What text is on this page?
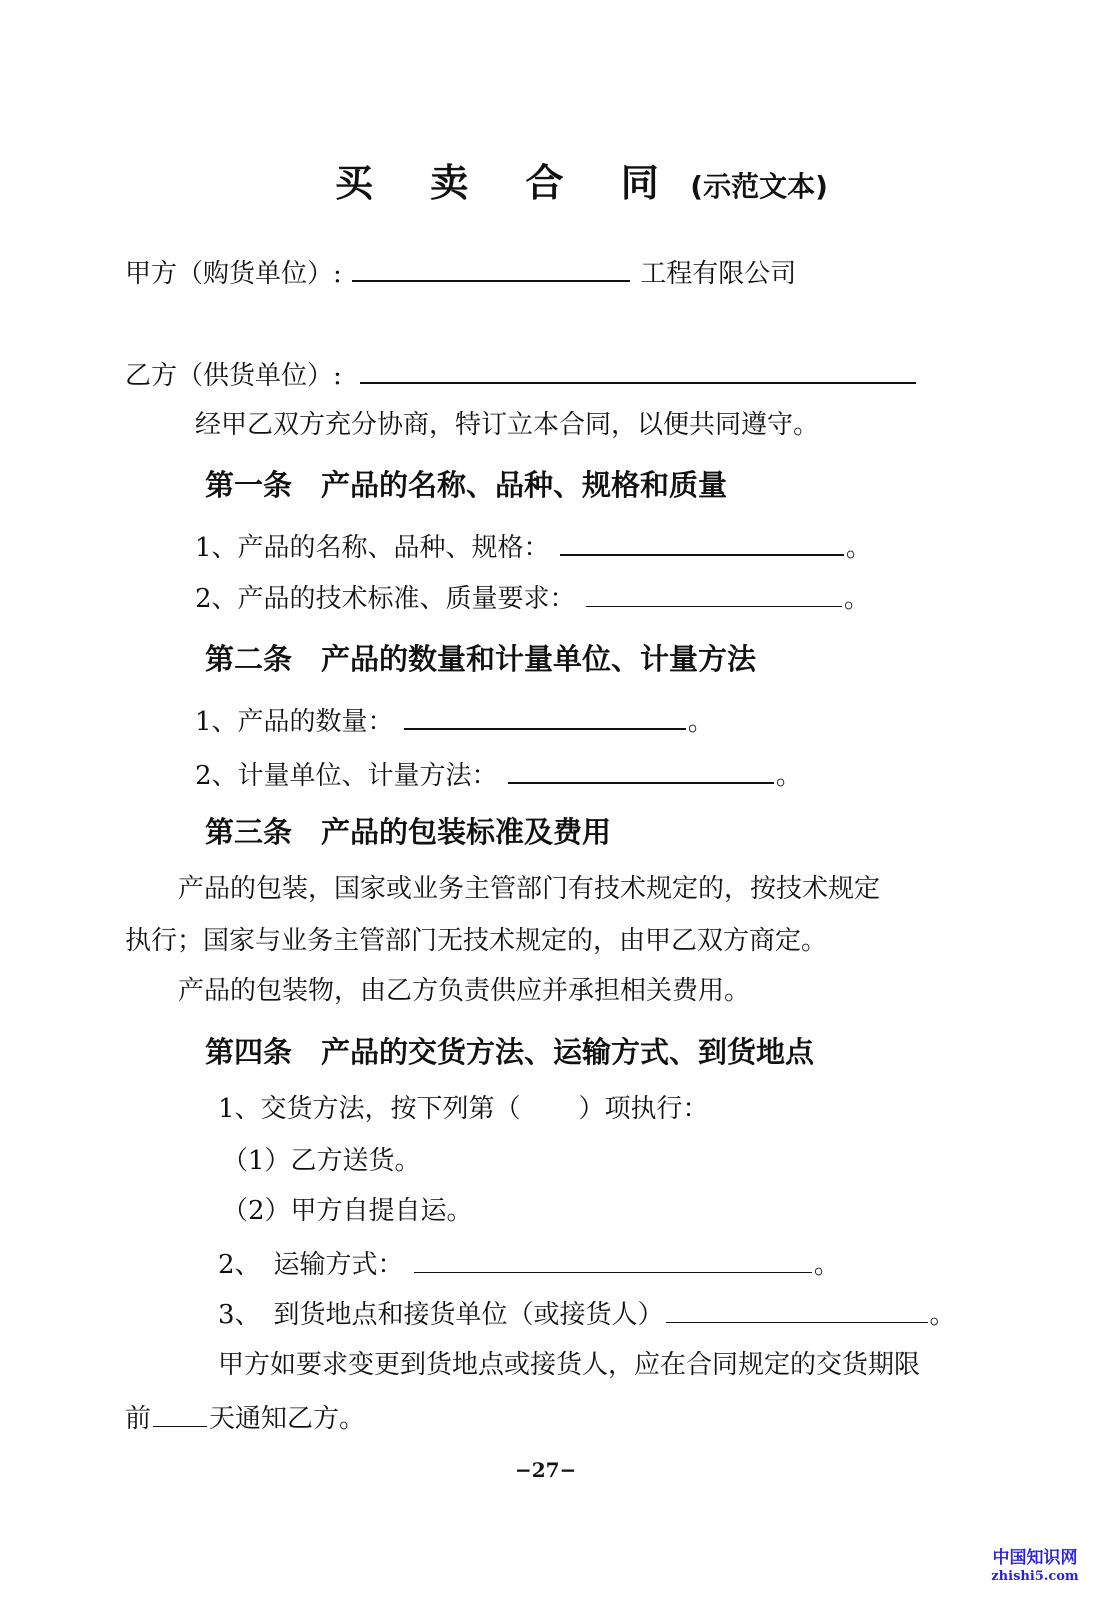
买 卖 合 同 (示范文本)
甲方（购货单位）:	工程有限公司
乙方（供货单位）:
经甲乙双方充分协商，特订立本合同，以便共同遵守。
第一条　产品的名称、品种、规格和质量
1、产品的名称、品种、规格：	。
2、产品的技术标准、质量要求：	。
第二条　产品的数量和计量单位、计量方法
1、产品的数量：	。
2、计量单位、计量方法：	。
第三条　产品的包装标准及费用
产品的包装，国家或业务主管部门有技术规定的，按技术规定
执行；国家与业务主管部门无技术规定的，由甲乙双方商定。
产品的包装物，由乙方负责供应并承担相关费用。
第四条　产品的交货方法、运输方式、到货地点
1、交货方法，按下列第（ ）项执行：
（1）乙方送货。
（2）甲方自提自运。
2、　运输方式：	。
3、　到货地点和接货单位（或接货人）	。
甲方如要求变更到货地点或接货人，应在合同规定的交货期限
前 天通知乙方。
−27−
中国知识网
zhishi5.com
